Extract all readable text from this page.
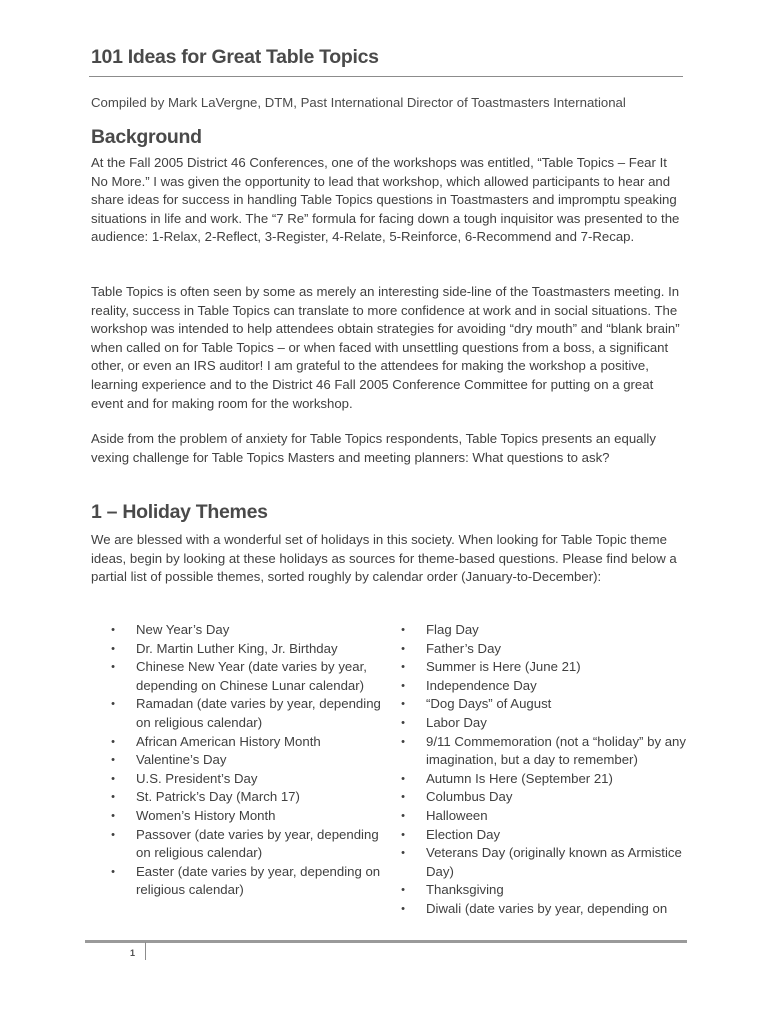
101 Ideas for Great Table Topics

Compiled by Mark LaVergne, DTM, Past International Director of Toastmasters International

Background

At the Fall 2005 District 46 Conferences, one of the workshops was entitled, “Table Topics – Fear It No More.” I was given the opportunity to lead that workshop, which allowed participants to hear and share ideas for success in handling Table Topics questions in Toastmasters and impromptu speaking situations in life and work. The “7 Re” formula for facing down a tough inquisitor was presented to the audience: 1-Relax, 2-Reflect, 3-Register, 4-Relate, 5-Reinforce, 6-Recommend and 7-Recap.

Table Topics is often seen by some as merely an interesting side-line of the Toastmasters meeting. In reality, success in Table Topics can translate to more confidence at work and in social situations. The workshop was intended to help attendees obtain strategies for avoiding “dry mouth” and “blank brain” when called on for Table Topics – or when faced with unsettling questions from a boss, a significant other, or even an IRS auditor! I am grateful to the attendees for making the workshop a positive, learning experience and to the District 46 Fall 2005 Conference Committee for putting on a great event and for making room for the workshop.

Aside from the problem of anxiety for Table Topics respondents, Table Topics presents an equally vexing challenge for Table Topics Masters and meeting planners: What questions to ask?

1 – Holiday Themes

We are blessed with a wonderful set of holidays in this society. When looking for Table Topic theme ideas, begin by looking at these holidays as sources for theme-based questions. Please find below a partial list of possible themes, sorted roughly by calendar order (January-to-December):

• New Year’s Day
• Dr. Martin Luther King, Jr. Birthday
• Chinese New Year (date varies by year, depending on Chinese Lunar calendar)
• Ramadan (date varies by year, depending on religious calendar)
• African American History Month
• Valentine’s Day
• U.S. President’s Day
• St. Patrick’s Day (March 17)
• Women’s History Month
• Passover (date varies by year, depending on religious calendar)
• Easter (date varies by year, depending on religious calendar)
• Flag Day
• Father’s Day
• Summer is Here (June 21)
• Independence Day
• “Dog Days” of August
• Labor Day
• 9/11 Commemoration (not a “holiday” by any imagination, but a day to remember)
• Autumn Is Here (September 21)
• Columbus Day
• Halloween
• Election Day
• Veterans Day (originally known as Armistice Day)
• Thanksgiving
• Diwali (date varies by year, depending on
1
